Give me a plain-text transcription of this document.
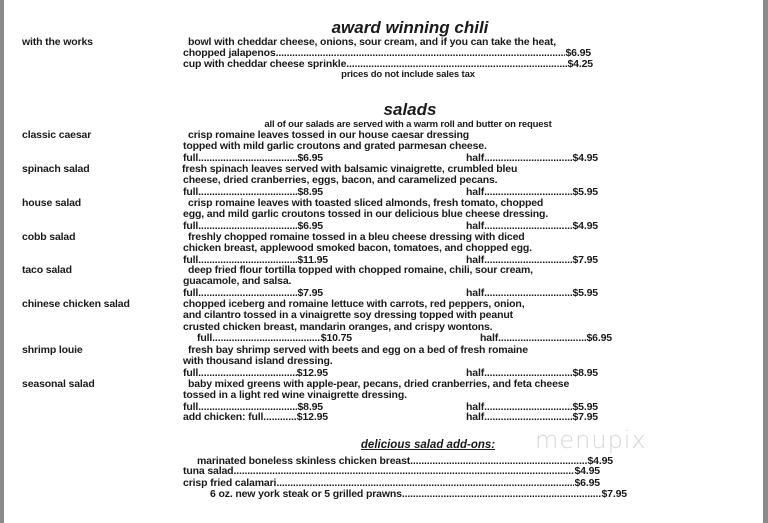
award winning chili
with the works	bowl with cheddar cheese, onions, sour cream, and if you can take the heat,
chopped jalapenos .....	$6.95
cup with cheddar cheese sprinkle .....	$4.25
prices do not include sales tax
salads
all of our salads are served with a warm roll and butter on request
classic caesar	crisp romaine leaves tossed in our house caesar dressing
topped with mild garlic croutons and grated parmesan cheese.
full .....	$6.95	half .....	$4.95
spinach salad	fresh spinach leaves served with balsamic vinaigrette, crumbled bleu
cheese, dried cranberries, eggs, bacon, and caramelized pecans.
full .....	$8.95	half .....	$5.95
house salad	crisp romaine leaves with toasted sliced almonds, fresh tomato, chopped
egg, and mild garlic croutons tossed in our delicious blue cheese dressing.
full .....	$6.95	half .....	$4.95
cobb salad	freshly chopped romaine tossed in a bleu cheese dressing with diced
chicken breast, applewood smoked bacon, tomatoes, and chopped egg.
full .....	$11.95	half .....	$7.95
taco salad	deep fried flour tortilla topped with chopped romaine, chili, sour cream,
guacamole, and salsa.
full .....	$7.95	half .....	$5.95
chinese chicken salad	chopped iceberg and romaine lettuce with carrots, red peppers, onion,
and cilantro tossed in a vinaigrette soy dressing topped with peanut
crusted chicken breast, mandarin oranges, and crispy wontons.
full .....	$10.75	half .....	$6.95
shrimp louie	fresh bay shrimp served with beets and egg on a bed of fresh romaine
with thousand island dressing.
full .....	$12.95	half .....	$8.95
seasonal salad	baby mixed greens with apple-pear, pecans, dried cranberries, and feta cheese
tossed in a light red wine vinaigrette dressing.
full .....	$8.95	half .....	$5.95
add chicken: full .....	$12.95	half .....	$7.95
menupix
delicious salad add-ons:
marinated boneless skinless chicken breast .....	$4.95
tuna salad .....	$4.95
crisp fried calamari .....	$6.95
6 oz. new york steak or 5 grilled prawns .....	$7.95
